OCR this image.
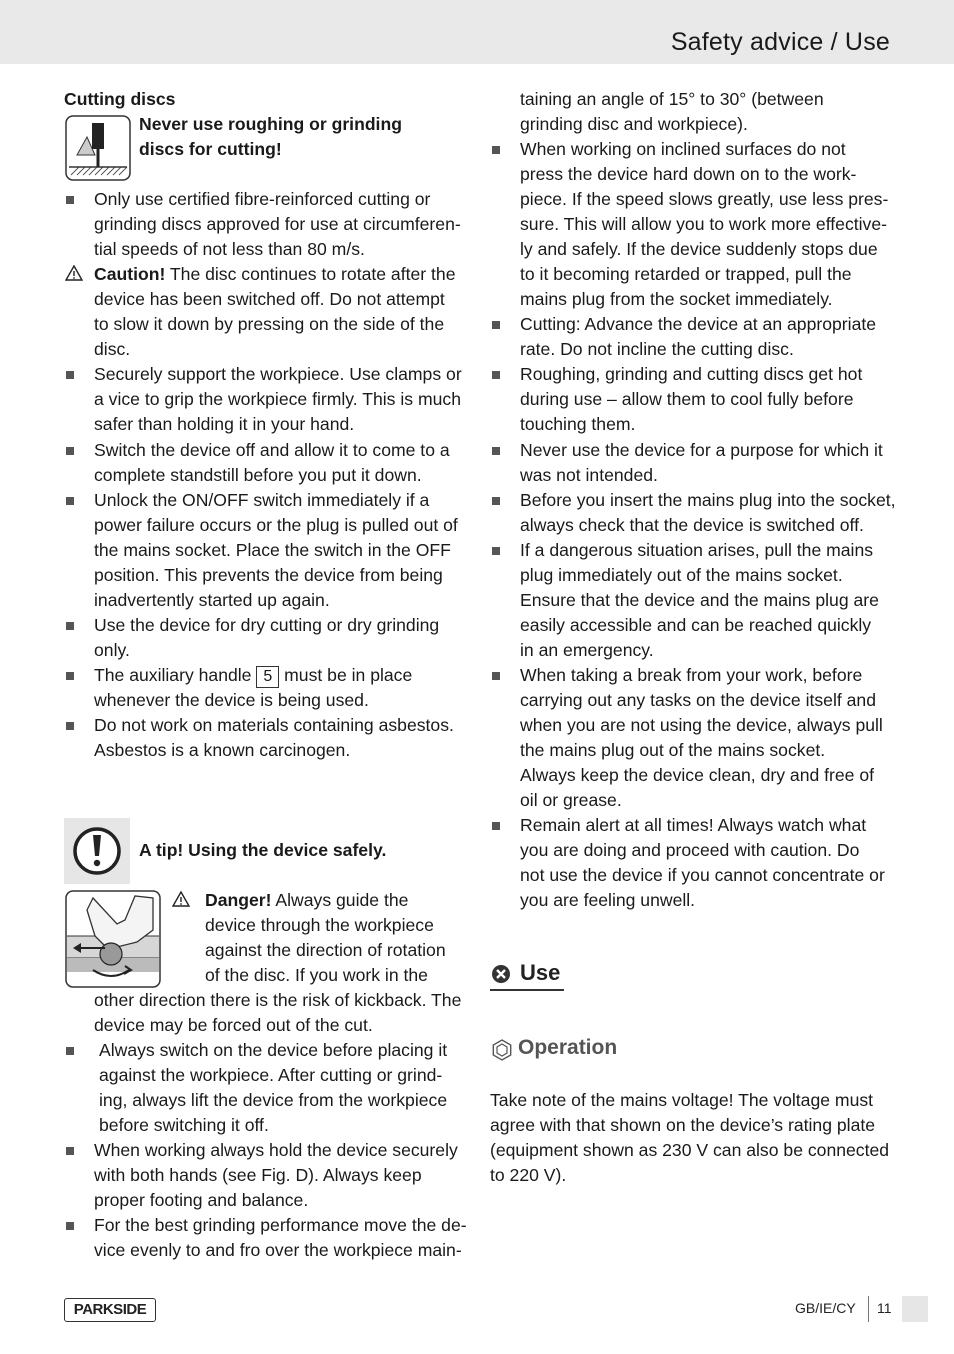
Safety advice / Use
Cutting discs
Never use roughing or grinding
discs for cutting!
Only use certified fibre-reinforced cutting or
grinding discs approved for use at circumferen-
tial speeds of not less than 80 m/s.
Caution! The disc continues to rotate after the
device has been switched off. Do not attempt
to slow it down by pressing on the side of the
disc.
Securely support the workpiece. Use clamps or
a vice to grip the workpiece firmly. This is much
safer than holding it in your hand.
Switch the device off and allow it to come to a
complete standstill before you put it down.
Unlock the ON/OFF switch immediately if a
power failure occurs or the plug is pulled out of
the mains socket. Place the switch in the OFF
position. This prevents the device from being
inadvertently started up again.
Use the device for dry cutting or dry grinding
only.
The auxiliary handle 5 must be in place
whenever the device is being used.
Do not work on materials containing asbestos.
Asbestos is a known carcinogen.
A tip! Using the device safely.
Danger! Always guide the
device through the workpiece
against the direction of rotation
of the disc. If you work in the
other direction there is the risk of kickback. The
device may be forced out of the cut.
Always switch on the device before placing it
against the workpiece. After cutting or grind-
ing, always lift the device from the workpiece
before switching it off.
When working always hold the device securely
with both hands (see Fig. D). Always keep
proper footing and balance.
For the best grinding performance move the de-
vice evenly to and fro over the workpiece main-
taining an angle of 15° to 30° (between
grinding disc and workpiece).
When working on inclined surfaces do not
press the device hard down on to the work-
piece. If the speed slows greatly, use less pres-
sure. This will allow you to work more effective-
ly and safely. If the device suddenly stops due
to it becoming retarded or trapped, pull the
mains plug from the socket immediately.
Cutting: Advance the device at an appropriate
rate. Do not incline the cutting disc.
Roughing, grinding and cutting discs get hot
during use – allow them to cool fully before
touching them.
Never use the device for a purpose for which it
was not intended.
Before you insert the mains plug into the socket,
always check that the device is switched off.
If a dangerous situation arises, pull the mains
plug immediately out of the mains socket.
Ensure that the device and the mains plug are
easily accessible and can be reached quickly
in an emergency.
When taking a break from your work, before
carrying out any tasks on the device itself and
when you are not using the device, always pull
the mains plug out of the mains socket.
Always keep the device clean, dry and free of
oil or grease.
Remain alert at all times! Always watch what
you are doing and proceed with caution. Do
not use the device if you cannot concentrate or
you are feeling unwell.
Use
Operation
Take note of the mains voltage! The voltage must
agree with that shown on the device’s rating plate
(equipment shown as 230 V can also be connected
to 220 V).
PARKSIDE	GB/IE/CY 11
